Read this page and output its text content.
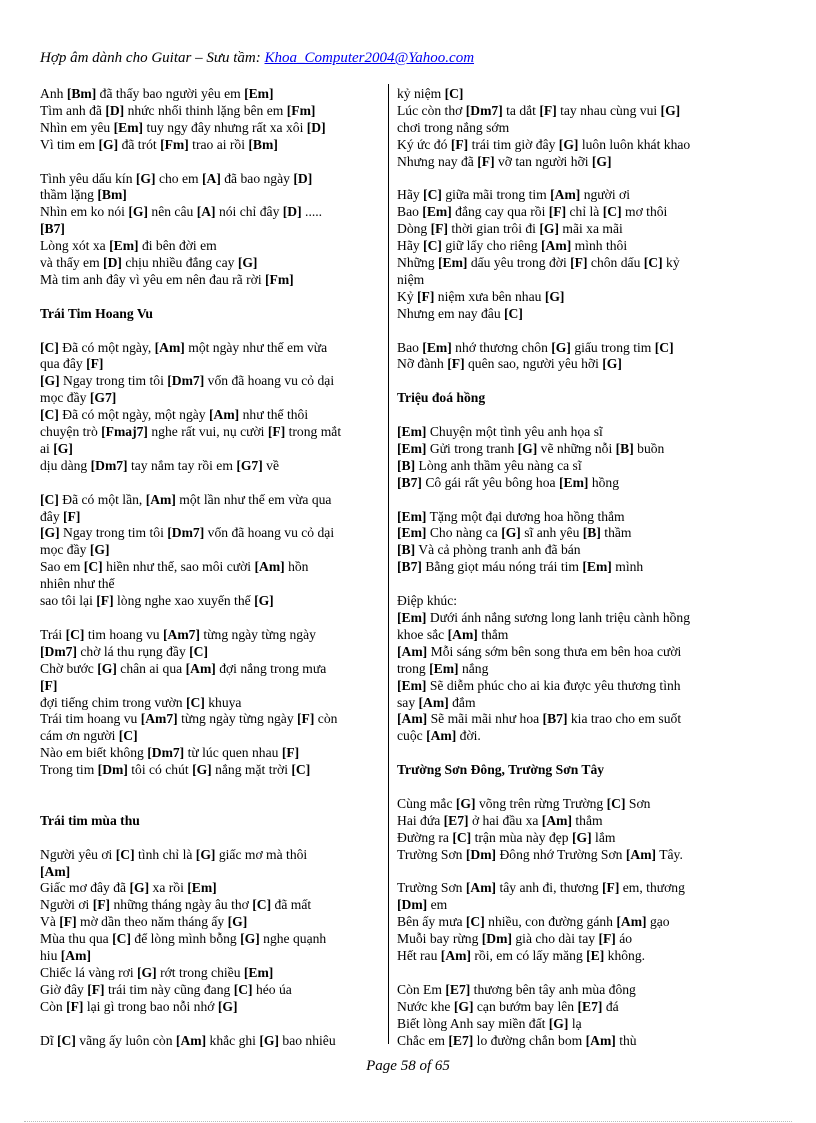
Hợp âm dành cho Guitar – Sưu tầm: Khoa_Computer2004@Yahoo.com
Anh [Bm] đã thấy bao người yêu em [Em]
Tìm anh đã [D] nhức nhối thinh lặng bên em [Fm]
Nhìn em yêu [Em] tuy ngy đây nhưng rất xa xôi [D]
Vì tim em [G] đã trót [Fm] trao ai rồi [Bm]
Tình yêu dấu kín [G] cho em [A] đã bao ngày [D]
thầm lặng [Bm]
Nhìn em ko nói [G] nên câu [A] nói chỉ đây [D] .....
[B7]
Lòng xót xa [Em] đi bên đời em
và thấy em [D] chịu nhiều đắng cay [G]
Mà tim anh đây vì yêu em nên đau rã rời [Fm]
Trái Tim Hoang Vu
[C] Đã có một ngày, [Am] một ngày như thế em vừa
qua đây [F]
[G] Ngay trong tim tôi [Dm7] vốn đã hoang vu cỏ dại
mọc đầy [G7]
[C] Đã có một ngày, một ngày [Am] như thế thôi
chuyện trò [Fmaj7] nghe rất vui, nụ cười [F] trong mắt
ai [G]
dịu dàng [Dm7] tay nắm tay rồi em [G7] về
[C] Đã có một lần, [Am] một lần như thế em vừa qua
đây [F]
[G] Ngay trong tim tôi [Dm7] vốn đã hoang vu cỏ dại
mọc đầy [G]
Sao em [C] hiền như thế, sao môi cười [Am] hồn
nhiên như thế
sao tôi lại [F] lòng nghe xao xuyến thế [G]
Trái [C] tim hoang vu [Am7] từng ngày từng ngày
[Dm7] chờ lá thu rụng đầy [C]
Chờ bước [G] chân ai qua [Am] đợi nắng trong mưa
[F]
đợi tiếng chim trong vườn [C] khuya
Trái tim hoang vu [Am7] từng ngày từng ngày [F] còn
cám ơn người [C]
Nào em biết không [Dm7] từ lúc quen nhau [F]
Trong tim [Dm] tôi có chút [G] nắng mặt trời [C]
Trái tim mùa thu
Người yêu ơi [C] tình chỉ là [G] giấc mơ mà thôi
[Am]
Giấc mơ đây đã [G] xa rồi [Em]
Người ơi [F] những tháng ngày âu thơ [C] đã mất
Và [F] mờ dần theo năm tháng ấy [G]
Mùa thu qua [C] để lòng mình bỗng [G] nghe quạnh
hiu [Am]
Chiếc lá vàng rơi [G] rớt trong chiều [Em]
Giờ đây [F] trái tim này cũng đang [C] héo úa
Còn [F] lại gì trong bao nỗi nhớ [G]
Dĩ [C] vãng ấy luôn còn [Am] khắc ghi [G] bao nhiêu
kỷ niệm [C]
Lúc còn thơ [Dm7] ta dắt [F] tay nhau cùng vui [G]
chơi trong nắng sớm
Ký ức đó [F] trái tim giờ đây [G] luôn luôn khát khao
Nhưng nay đã [F] vỡ tan người hỡi [G]
Hãy [C] giữa mãi trong tim [Am] người ơi
Bao [Em] đắng cay qua rồi [F] chỉ là [C] mơ thôi
Dòng [F] thời gian trôi đi [G] mãi xa mãi
Hãy [C] giữ lấy cho riêng [Am] mình thôi
Những [Em] dấu yêu trong đời [F] chôn dấu [C] kỷ
niệm
Kỷ [F] niệm xưa bên nhau [G]
Nhưng em nay đâu [C]
Bao [Em] nhớ thương chôn [G] giấu trong tim [C]
Nỡ đành [F] quên sao, người yêu hỡi [G]
Triệu đoá hồng
[Em] Chuyện một tình yêu anh họa sĩ
[Em] Gửi trong tranh [G] vẽ những nỗi [B] buồn
[B] Lòng anh thầm yêu nàng ca sĩ
[B7] Cô gái rất yêu bông hoa [Em] hồng
[Em] Tặng một đại dương hoa hồng thắm
[Em] Cho nàng ca [G] sĩ anh yêu [B] thầm
[B] Và cả phòng tranh anh đã bán
[B7] Bằng giọt máu nóng trái tim [Em] mình
Điệp khúc:
[Em] Dưới ánh nắng sương long lanh triệu cành hồng
khoe sắc [Am] thắm
[Am] Mỗi sáng sớm bên song thưa em bên hoa cười
trong [Em] nắng
[Em] Sẽ diễm phúc cho ai kia được yêu thương tình
say [Am] đắm
[Am] Sẽ mãi mãi như hoa [B7] kia trao cho em suốt
cuộc [Am] đời.
Trường Sơn Đông, Trường Sơn Tây
Cùng mắc [G] võng trên rừng Trường [C] Sơn
Hai đứa [E7] ở hai đầu xa [Am] thẳm
Đường ra [C] trận mùa này đẹp [G] lắm
Trường Sơn [Dm] Đông nhớ Trường Sơn [Am] Tây.
Trường Sơn [Am] tây anh đi, thương [F] em, thương
[Dm] em
Bên ấy mưa [C] nhiều, con đường gánh [Am] gạo
Muỗi bay rừng [Dm] già cho dài tay [F] áo
Hết rau [Am] rồi, em có lấy măng [E] không.
Còn Em [E7] thương bên tây anh mùa đông
Nước khe [G] cạn bướm bay lên [E7] đá
Biết lòng Anh say miền đất [G] lạ
Chắc em [E7] lo đường chắn bom [Am] thù
Page 58 of 65
